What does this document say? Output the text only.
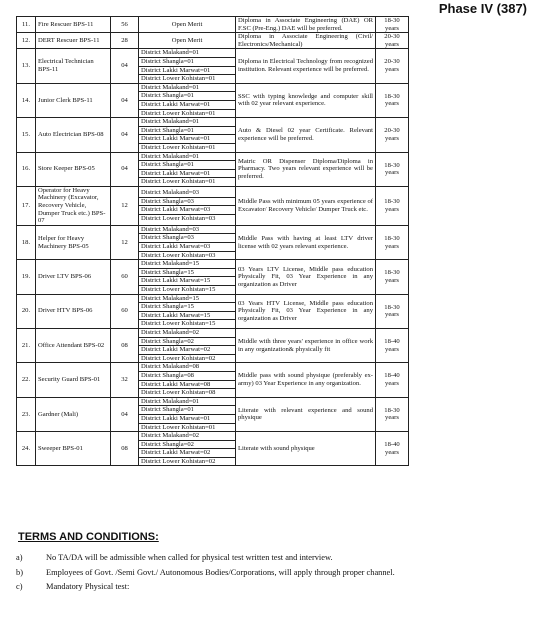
Phase IV (387)
11.	Fire Rescuer BPS-11	56	Open Merit	Diploma in Associate Engineering (DAE) OR F.SC (Pre-Eng.) DAE will be preferred.	18-30 years
12.	DERT Rescuer BPS-11	28	Open Merit	Diploma in Associate Engineering (Civil/ Electronics/Mechanical)	20-30 years
13.	Electrical Technician BPS-11	04	District Malakand=01
District Shangla=01
District Lakki Marwat=01
District Lower Kohistan=01	Diploma in Electrical Technology from recognized institution. Relevant experience will be preferred.	20-30 years
14.	Junior Clerk BPS-11	04	District Malakand=01
District Shangla=01
District Lakki Marwat=01
District Lower Kohistan=01	SSC with typing knowledge and computer skill with 02 year relevant experience.	18-30 years
15.	Auto Electrician BPS-08	04	District Malakand=01
District Shangla=01
District Lakki Marwat=01
District Lower Kohistan=01	Auto & Diesel 02 year Certificate. Relevant experience will be preferred.	20-30 years
16.	Store Keeper BPS-05	04	District Malakand=01
District Shangla=01
District Lakki Marwat=01
District Lower Kohistan=01	Matric OR Dispenser Diploma/Diploma in Pharmacy. Two years relevant experience will be preferred.	18-30 years
17.	Operator for Heavy Machinery (Excavator, Recovery Vehicle, Dumper Truck etc.) BPS-07	12	District Malakand=03
District Shangla=03
District Lakki Marwat=03
District Lower Kohistan=03	Middle Pass with minimum 05 years experience of Excavator/ Recovery Vehicle/ Dumper Truck etc.	18-30 years
18.	Helper for Heavy Machinery BPS-05	12	District Malakand=03
District Shangla=03
District Lakki Marwat=03
District Lower Kohistan=03	Middle Pass with having at least LTV driver license with 02 years relevant experience.	18-30 years
19.	Driver LTV BPS-06	60	District Malakand=15
District Shangla=15
District Lakki Marwat=15
District Lower Kohistan=15	03 Years LTV License, Middle pass education Physically Fit, 03 Year Experience in any organization as Driver	18-30 years
20.	Driver HTV BPS-06	60	District Malakand=15
District Shangla=15
District Lakki Marwat=15
District Lower Kohistan=15	03 Years HTV License, Middle pass education Physically Fit, 03 Year Experience in any organization as Driver	18-30 years
21.	Office Attendant BPS-02	08	District Malakand=02
District Shangla=02
District Lakki Marwat=02
District Lower Kohistan=02	Middle with three years' experience in office work in any organization& physically fit	18-40 years
22.	Security Guard BPS-01	32	District Malakand=08
District Shangla=08
District Lakki Marwat=08
District Lower Kohistan=08	Middle pass with sound physique (preferably ex-army) 03 Year Experience in any organization.	18-40 years
23.	Gardner (Mali)	04	District Malakand=01
District Shangla=01
District Lakki Marwat=01
District Lower Kohistan=01	Literate with relevant experience and sound physique	18-30 years
24.	Sweeper BPS-01	08	District Malakand=02
District Shangla=02
District Lakki Marwat=02
District Lower Kohistan=02	Literate with sound physique	18-40 years
TERMS AND CONDITIONS:
a)	No TA/DA will be admissible when called for physical test written test and interview.
b)	Employees of Govt. /Semi Govt./ Autonomous Bodies/Corporations, will apply through proper channel.
c)	Mandatory Physical test:
